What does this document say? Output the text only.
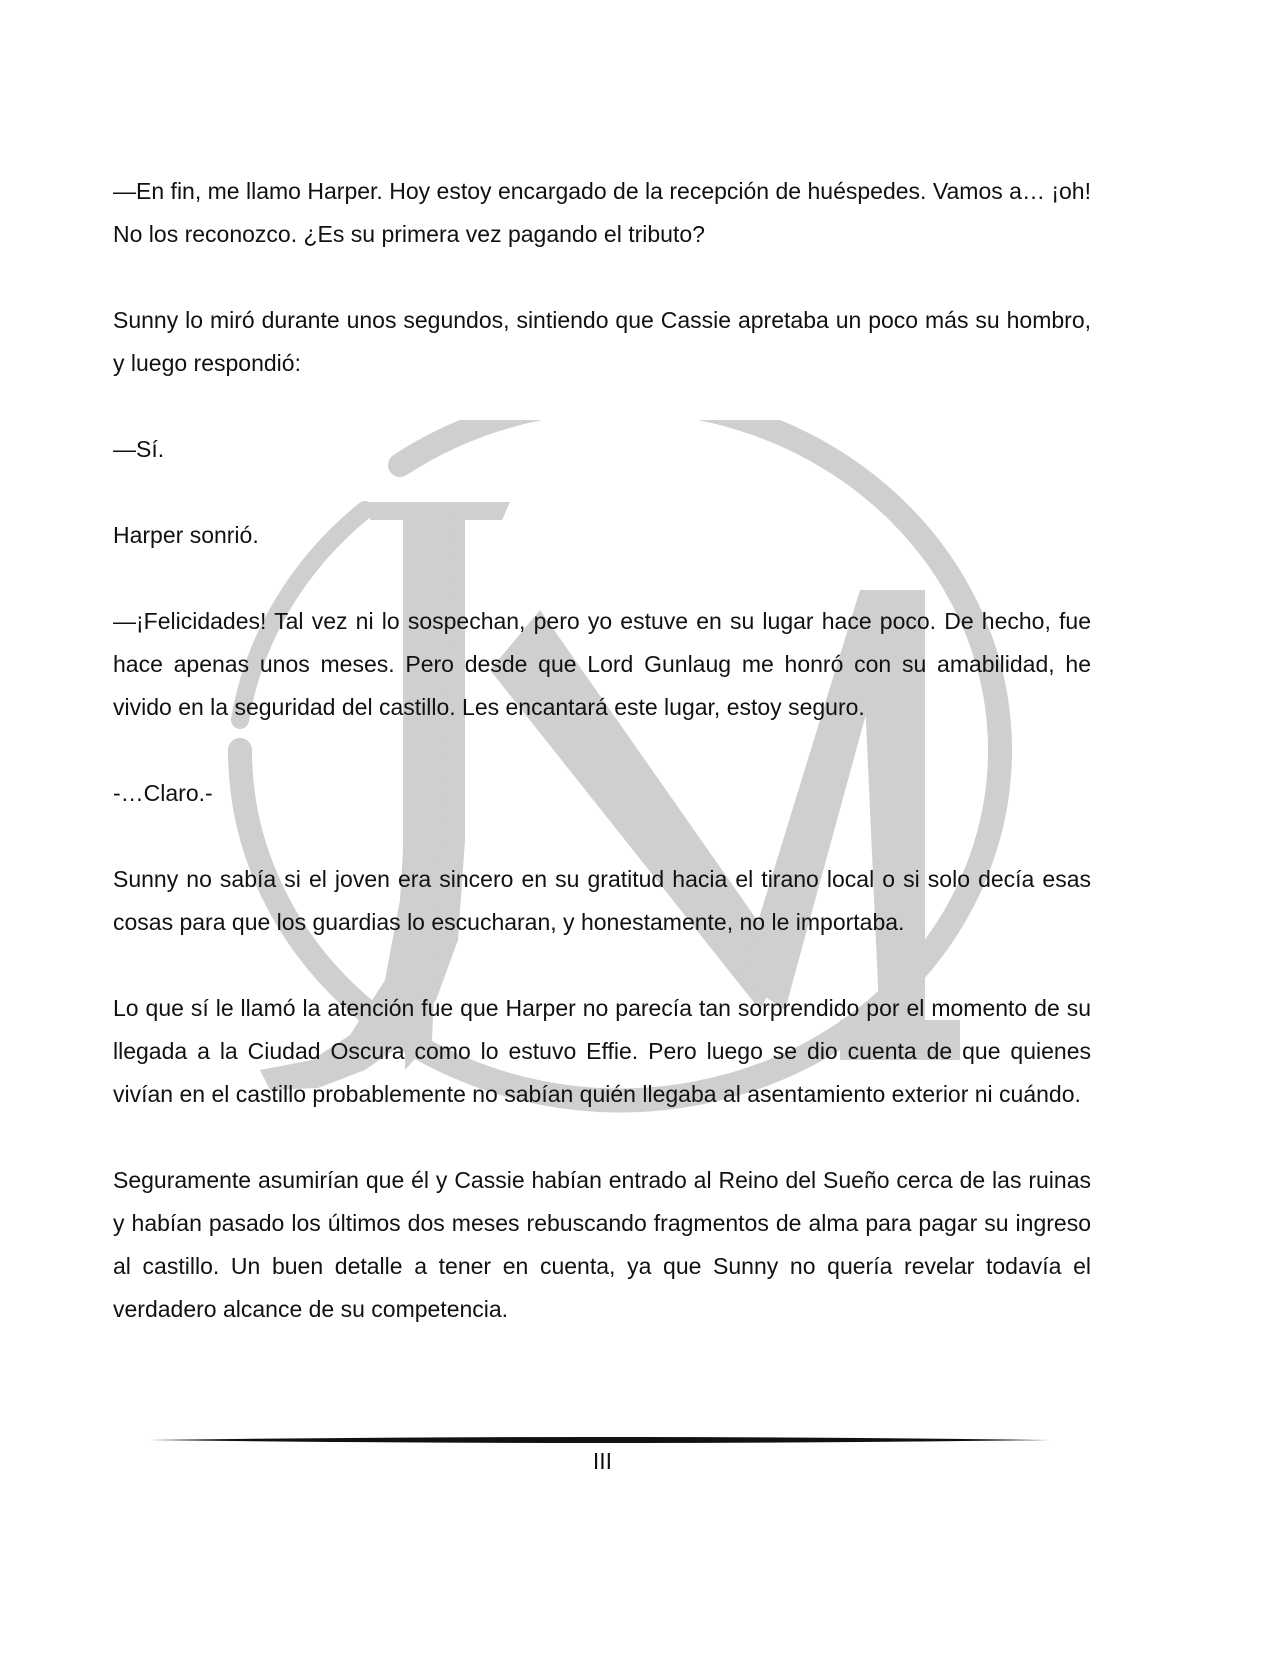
—En fin, me llamo Harper. Hoy estoy encargado de la recepción de huéspedes. Vamos a… ¡oh! No los reconozco. ¿Es su primera vez pagando el tributo?

Sunny lo miró durante unos segundos, sintiendo que Cassie apretaba un poco más su hombro, y luego respondió:

—Sí.

Harper sonrió.

—¡Felicidades! Tal vez ni lo sospechan, pero yo estuve en su lugar hace poco. De hecho, fue hace apenas unos meses. Pero desde que Lord Gunlaug me honró con su amabilidad, he vivido en la seguridad del castillo. Les encantará este lugar, estoy seguro.

-…Claro.-

Sunny no sabía si el joven era sincero en su gratitud hacia el tirano local o si solo decía esas cosas para que los guardias lo escucharan, y honestamente, no le importaba.

Lo que sí le llamó la atención fue que Harper no parecía tan sorprendido por el momento de su llegada a la Ciudad Oscura como lo estuvo Effie. Pero luego se dio cuenta de que quienes vivían en el castillo probablemente no sabían quién llegaba al asentamiento exterior ni cuándo.

Seguramente asumirían que él y Cassie habían entrado al Reino del Sueño cerca de las ruinas y habían pasado los últimos dos meses rebuscando fragmentos de alma para pagar su ingreso al castillo. Un buen detalle a tener en cuenta, ya que Sunny no quería revelar todavía el verdadero alcance de su competencia.

III
